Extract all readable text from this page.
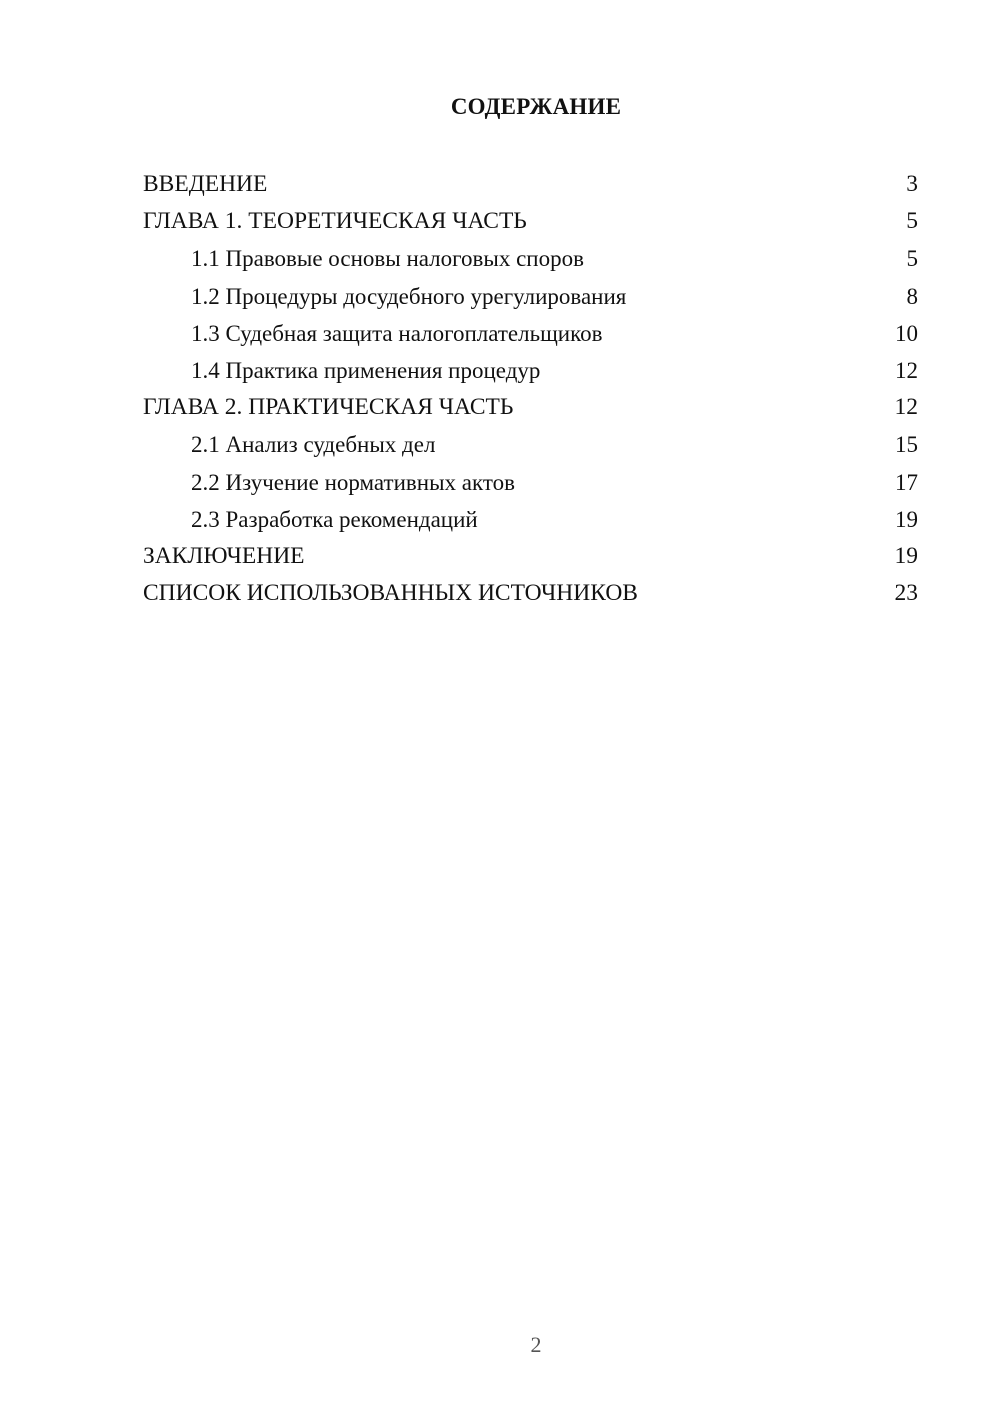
СОДЕРЖАНИЕ
ВВЕДЕНИЕ	3
ГЛАВА 1. ТЕОРЕТИЧЕСКАЯ ЧАСТЬ	5
1.1 Правовые основы налоговых споров	5
1.2 Процедуры досудебного урегулирования	8
1.3 Судебная защита налогоплательщиков	10
1.4 Практика применения процедур	12
ГЛАВА 2. ПРАКТИЧЕСКАЯ ЧАСТЬ	12
2.1 Анализ судебных дел	15
2.2 Изучение нормативных актов	17
2.3 Разработка рекомендаций	19
ЗАКЛЮЧЕНИЕ	19
СПИСОК ИСПОЛЬЗОВАННЫХ ИСТОЧНИКОВ	23
2
